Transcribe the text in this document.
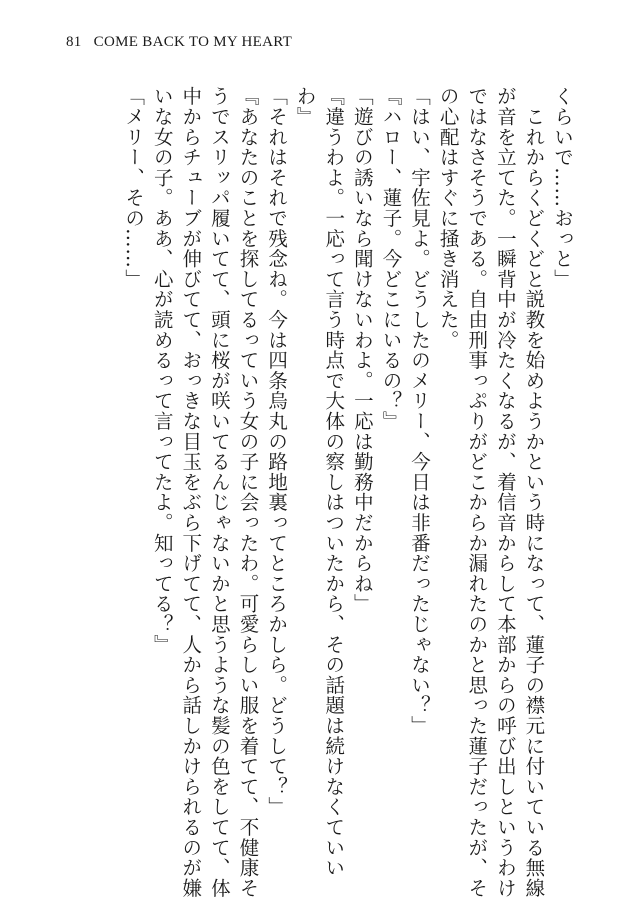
81 COME BACK TO MY HEART
くらいで……おっと」
　これからくどくどと説教を始めようかという時になって、蓮子の襟元に付いている無線
が音を立てた。一瞬背中が冷たくなるが、着信音からして本部からの呼び出しというわけ
ではなさそうである。自由刑事っぷりがどこからか漏れたのかと思った蓮子だったが、そ
の心配はすぐに掻き消えた。
「はい、宇佐見よ。どうしたのメリー、今日は非番だったじゃない？」
『ハロー、蓮子。今どこにいるの？』
「遊びの誘いなら聞けないわよ。一応は勤務中だからね」
『違うわよ。一応って言う時点で大体の察しはついたから、その話題は続けなくていい
わ』
「それはそれで残念ね。今は四条烏丸の路地裏ってところかしら。どうして？」
『あなたのことを探してるっていう女の子に会ったわ。可愛らしい服を着てて、不健康そ
うでスリッパ履いてて、頭に桜が咲いてるんじゃないかと思うような髪の色をしてて、体
中からチューブが伸びてて、おっきな目玉をぶら下げてて、人から話しかけられるのが嫌
いな女の子。ああ、心が読めるって言ってたよ。知ってる？』
「メリー、その……」
